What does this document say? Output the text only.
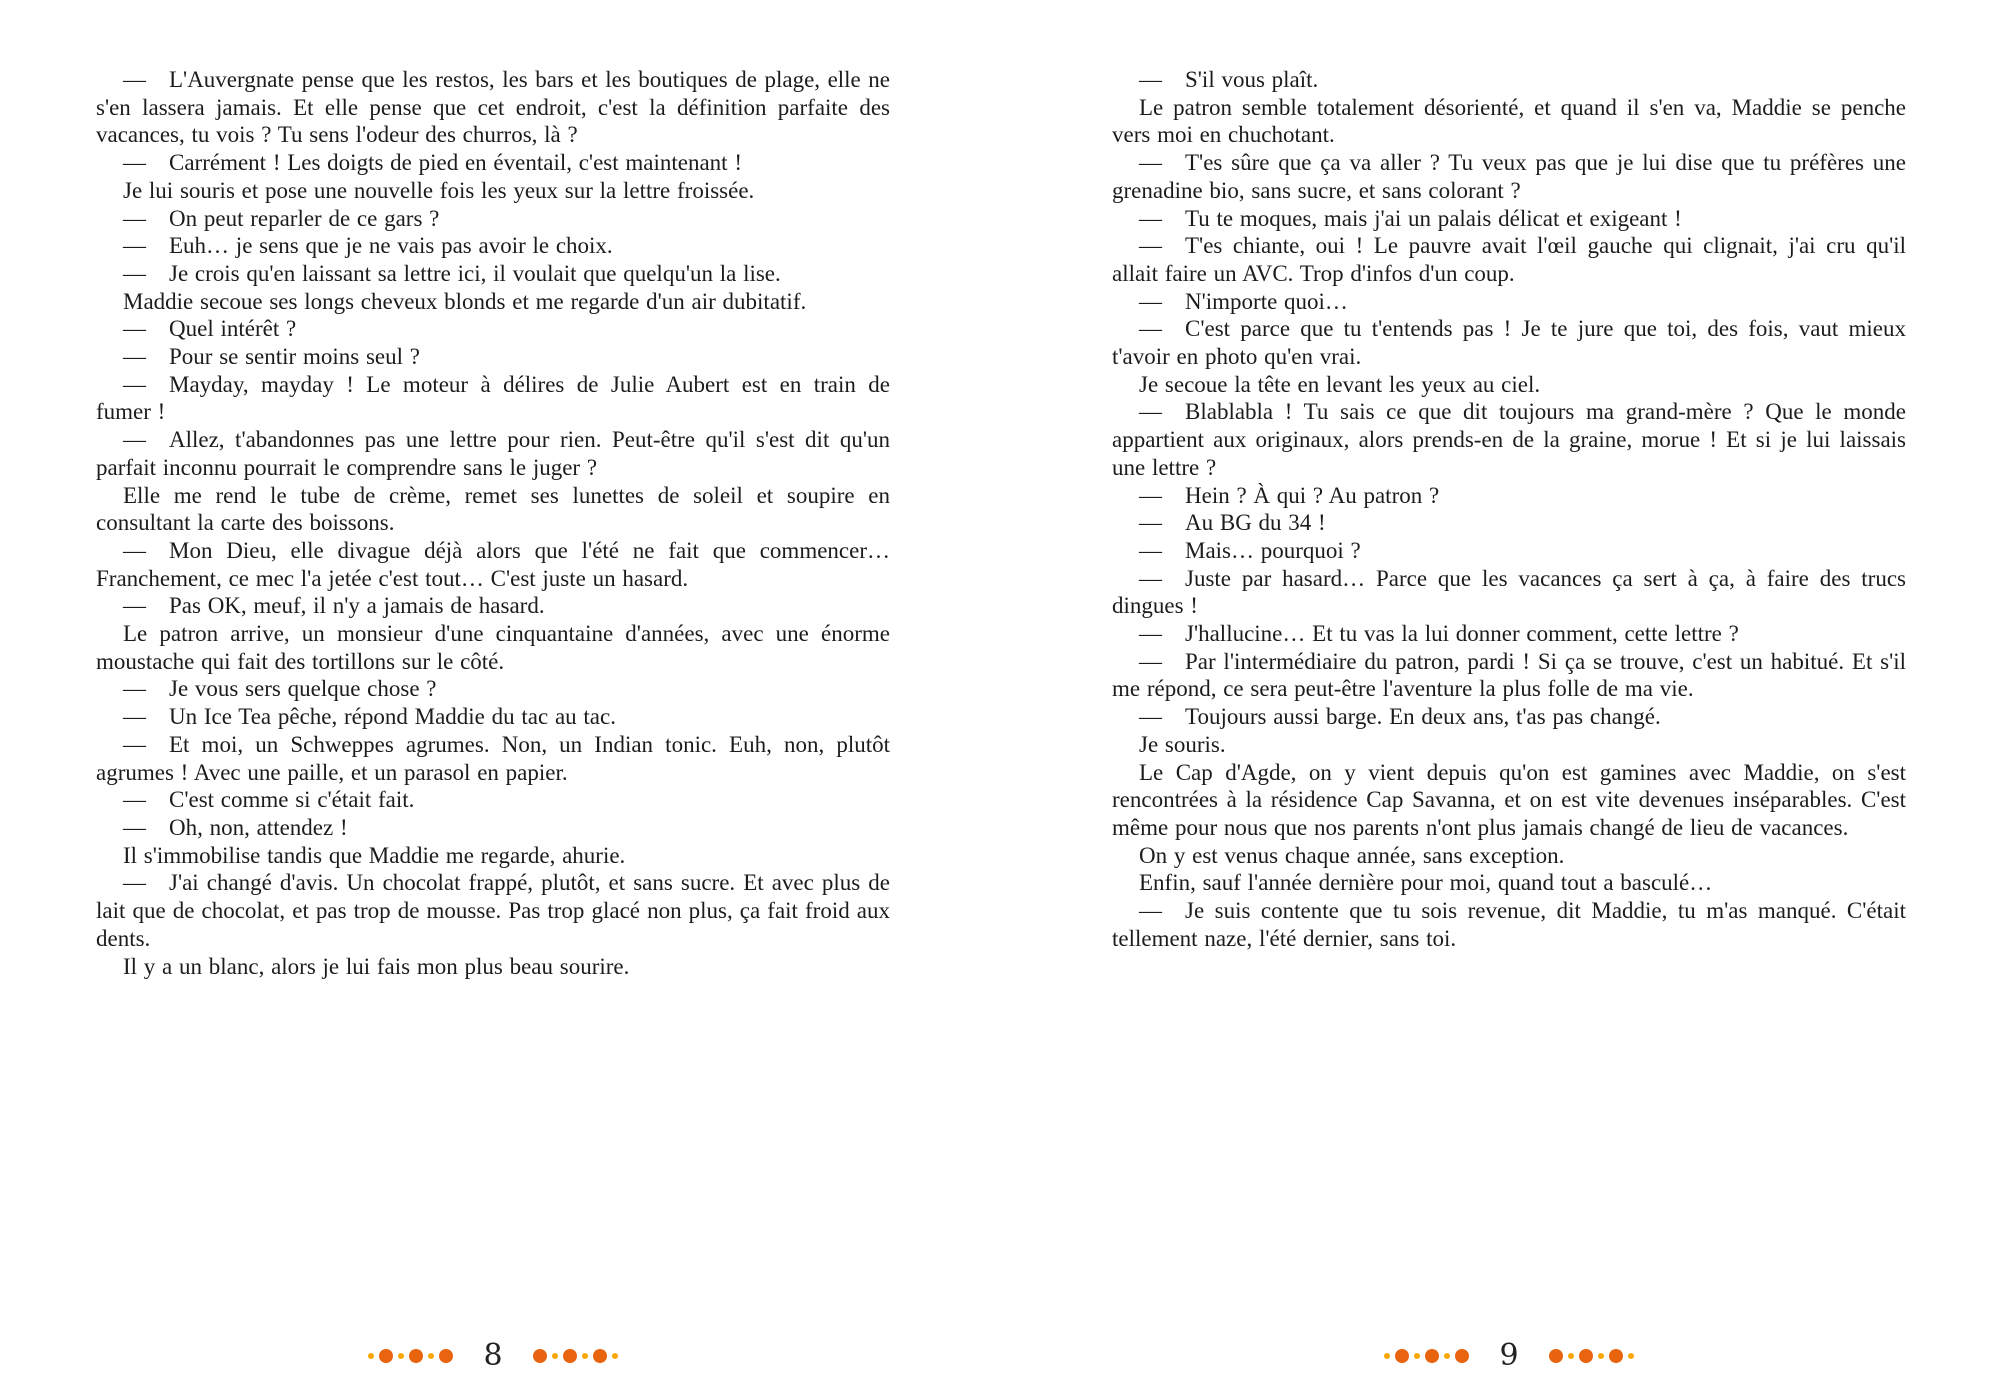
— L'Auvergnate pense que les restos, les bars et les boutiques de plage, elle ne s'en lassera jamais. Et elle pense que cet endroit, c'est la définition parfaite des vacances, tu vois ? Tu sens l'odeur des churros, là ?

— Carrément ! Les doigts de pied en éventail, c'est maintenant !

Je lui souris et pose une nouvelle fois les yeux sur la lettre froissée.

— On peut reparler de ce gars ?

— Euh… je sens que je ne vais pas avoir le choix.

— Je crois qu'en laissant sa lettre ici, il voulait que quelqu'un la lise.

Maddie secoue ses longs cheveux blonds et me regarde d'un air dubitatif.

— Quel intérêt ?

— Pour se sentir moins seul ?

— Mayday, mayday ! Le moteur à délires de Julie Aubert est en train de fumer !

— Allez, t'abandonnes pas une lettre pour rien. Peut-être qu'il s'est dit qu'un parfait inconnu pourrait le comprendre sans le juger ?

Elle me rend le tube de crème, remet ses lunettes de soleil et soupire en consultant la carte des boissons.

— Mon Dieu, elle divague déjà alors que l'été ne fait que commencer… Franchement, ce mec l'a jetée c'est tout… C'est juste un hasard.

— Pas OK, meuf, il n'y a jamais de hasard.

Le patron arrive, un monsieur d'une cinquantaine d'années, avec une énorme moustache qui fait des tortillons sur le côté.

— Je vous sers quelque chose ?

— Un Ice Tea pêche, répond Maddie du tac au tac.

— Et moi, un Schweppes agrumes. Non, un Indian tonic. Euh, non, plutôt agrumes ! Avec une paille, et un parasol en papier.

— C'est comme si c'était fait.

— Oh, non, attendez !

Il s'immobilise tandis que Maddie me regarde, ahurie.

— J'ai changé d'avis. Un chocolat frappé, plutôt, et sans sucre. Et avec plus de lait que de chocolat, et pas trop de mousse. Pas trop glacé non plus, ça fait froid aux dents.

Il y a un blanc, alors je lui fais mon plus beau sourire.

— S'il vous plaît.

Le patron semble totalement désorienté, et quand il s'en va, Maddie se penche vers moi en chuchotant.

— T'es sûre que ça va aller ? Tu veux pas que je lui dise que tu préfères une grenadine bio, sans sucre, et sans colorant ?

— Tu te moques, mais j'ai un palais délicat et exigeant !

— T'es chiante, oui ! Le pauvre avait l'œil gauche qui clignait, j'ai cru qu'il allait faire un AVC. Trop d'infos d'un coup.

— N'importe quoi…

— C'est parce que tu t'entends pas ! Je te jure que toi, des fois, vaut mieux t'avoir en photo qu'en vrai.

Je secoue la tête en levant les yeux au ciel.

— Blablabla ! Tu sais ce que dit toujours ma grand-mère ? Que le monde appartient aux originaux, alors prends-en de la graine, morue ! Et si je lui laissais une lettre ?

— Hein ? À qui ? Au patron ?

— Au BG du 34 !

— Mais… pourquoi ?

— Juste par hasard… Parce que les vacances ça sert à ça, à faire des trucs dingues !

— J'hallucine… Et tu vas la lui donner comment, cette lettre ?

— Par l'intermédiaire du patron, pardi ! Si ça se trouve, c'est un habitué. Et s'il me répond, ce sera peut-être l'aventure la plus folle de ma vie.

— Toujours aussi barge. En deux ans, t'as pas changé.

Je souris.

Le Cap d'Agde, on y vient depuis qu'on est gamines avec Maddie, on s'est rencontrées à la résidence Cap Savanna, et on est vite devenues inséparables. C'est même pour nous que nos parents n'ont plus jamais changé de lieu de vacances.

On y est venus chaque année, sans exception.

Enfin, sauf l'année dernière pour moi, quand tout a basculé…

— Je suis contente que tu sois revenue, dit Maddie, tu m'as manqué. C'était tellement naze, l'été dernier, sans toi.

8	9
